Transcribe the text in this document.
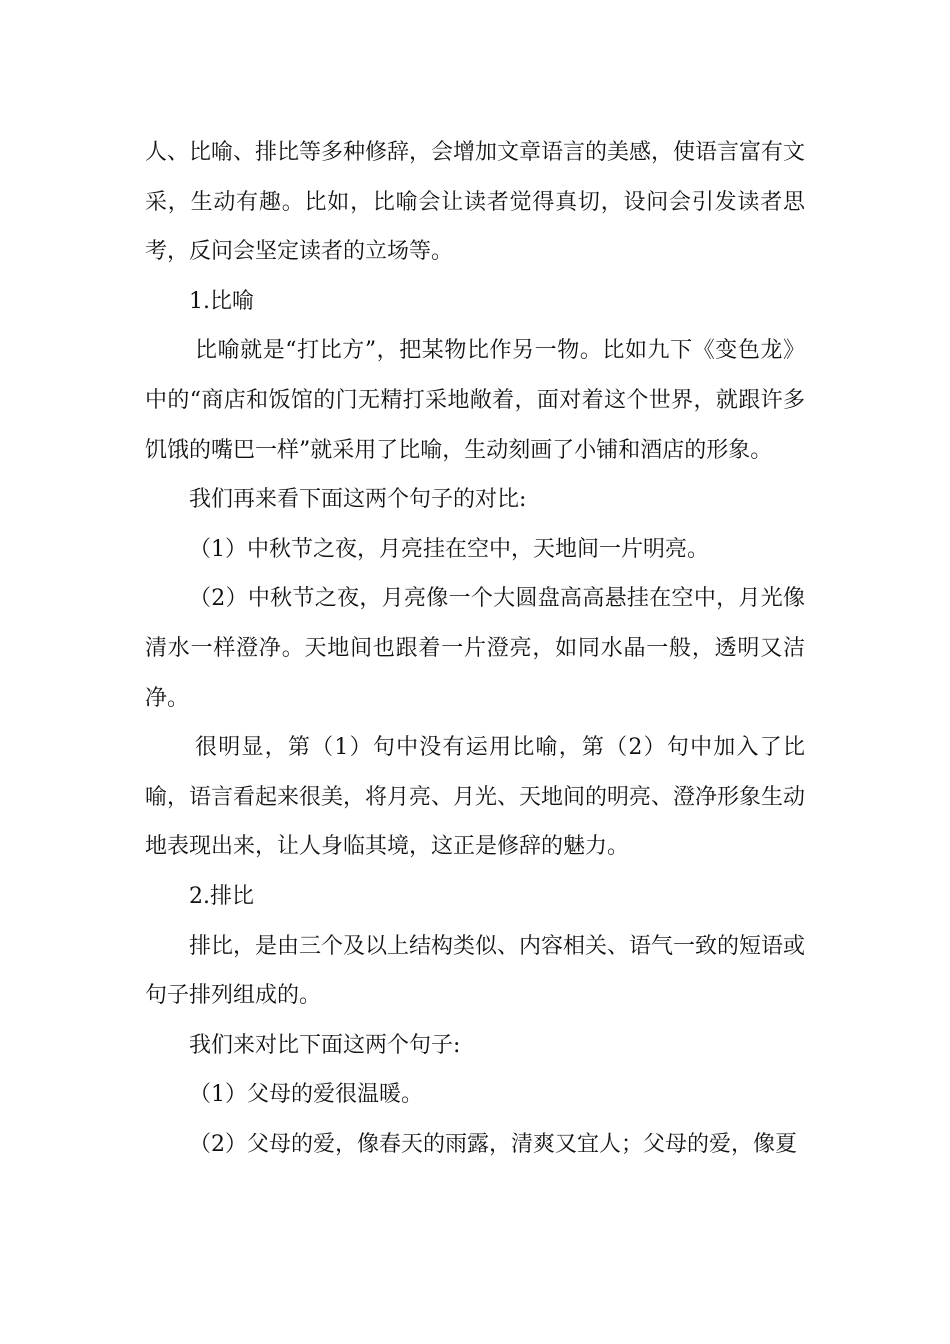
人、比喻、排比等多种修辞，会增加文章语言的美感，使语言富有文采，生动有趣。比如，比喻会让读者觉得真切，设问会引发读者思考，反问会坚定读者的立场等。

1.比喻

比喻就是“打比方”，把某物比作另一物。比如九下《变色龙》中的“商店和饭馆的门无精打采地敞着，面对着这个世界，就跟许多饥饿的嘴巴一样”就采用了比喻，生动刻画了小铺和酒店的形象。

我们再来看下面这两个句子的对比:

（1）中秋节之夜，月亮挂在空中，天地间一片明亮。

（2）中秋节之夜，月亮像一个大圆盘高高悬挂在空中，月光像清水一样澄净。天地间也跟着一片澄亮，如同水晶一般，透明又洁净。

很明显，第（1）句中没有运用比喻，第（2）句中加入了比喻，语言看起来很美，将月亮、月光、天地间的明亮、澄净形象生动地表现出来，让人身临其境，这正是修辞的魅力。

2.排比

排比，是由三个及以上结构类似、内容相关、语气一致的短语或句子排列组成的。

我们来对比下面这两个句子:

（1）父母的爱很温暖。

（2）父母的爱，像春天的雨露，清爽又宜人；父母的爱，像夏
